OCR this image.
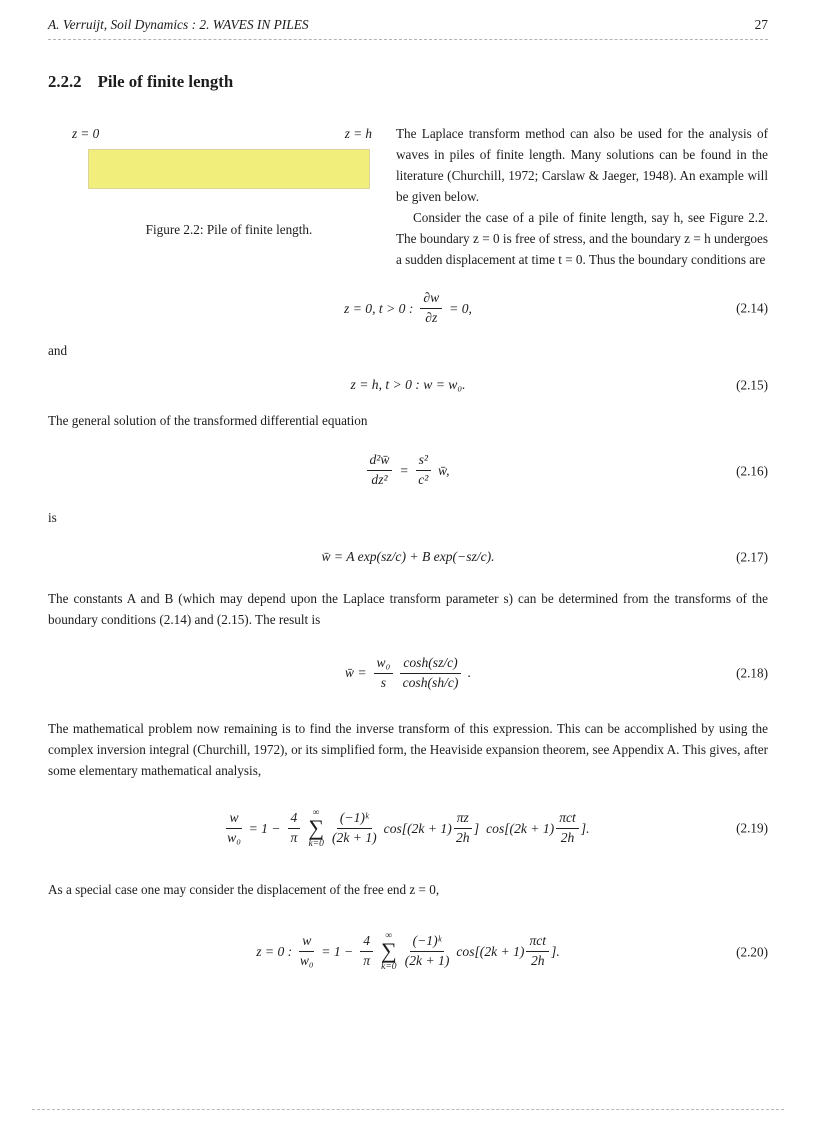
A. Verruijt, Soil Dynamics : 2. WAVES IN PILES	27
2.2.2 Pile of finite length
z = 0	z = h
Figure 2.2: Pile of finite length.

The Laplace transform method can also be used for the analysis of waves in piles of finite length. Many solutions can be found in the literature (Churchill, 1972; Carslaw & Jaeger, 1948). An example will be given below.

Consider the case of a pile of finite length, say h, see Figure 2.2. The boundary z = 0 is free of stress, and the boundary z = h undergoes a sudden displacement at time t = 0. Thus the boundary conditions are

z = 0, t > 0 : $\frac{\partial w}{\partial z} = 0$,	(2.14)

and

z = h, t > 0 : w = w₀.	(2.15)

The general solution of the transformed differential equation

$\frac{\text{d²w̄}}{\text{dz²}} = \frac{\text{s²}}{\text{c²}}$ w̄,	(2.16)

is

w̄ = A exp(sz/c) + B exp(−sz/c).	(2.17)

The constants A and B (which may depend upon the Laplace transform parameter s) can be determined from the transforms of the boundary conditions (2.14) and (2.15). The result is

w̄ = $\frac{\text{w₀}}{s} \frac{\cosh(sz/c)}{\cosh(sh/c)}$ .	(2.18)

The mathematical problem now remaining is to find the inverse transform of this expression. This can be accomplished by using the complex inversion integral (Churchill, 1972), or its simplified form, the Heaviside expansion theorem, see Appendix A. This gives, after some elementary mathematical analysis,

$\frac{w}{\text{w₀}} = 1 - \frac{4}{\pi}$ ∞
∑
$k=0 \frac{\text{(−1)ᵏ}}{(2k + 1)} \cos[(2k + 1) \frac{\pi z}{2h}$ ] $\cos[(2k + 1) \frac{\text{πct}}{2h}$ ].	(2.19)

As a special case one may consider the displacement of the free end z = 0,

z = 0 : $\frac{w}{\text{w₀}} = 1 - \frac{4}{\pi}$ ∞
∑
$k=0 \frac{\text{(−1)ᵏ}}{(2k + 1)} \cos[(2k + 1) \frac{\text{πct}}{2h}$ ].	(2.20)
